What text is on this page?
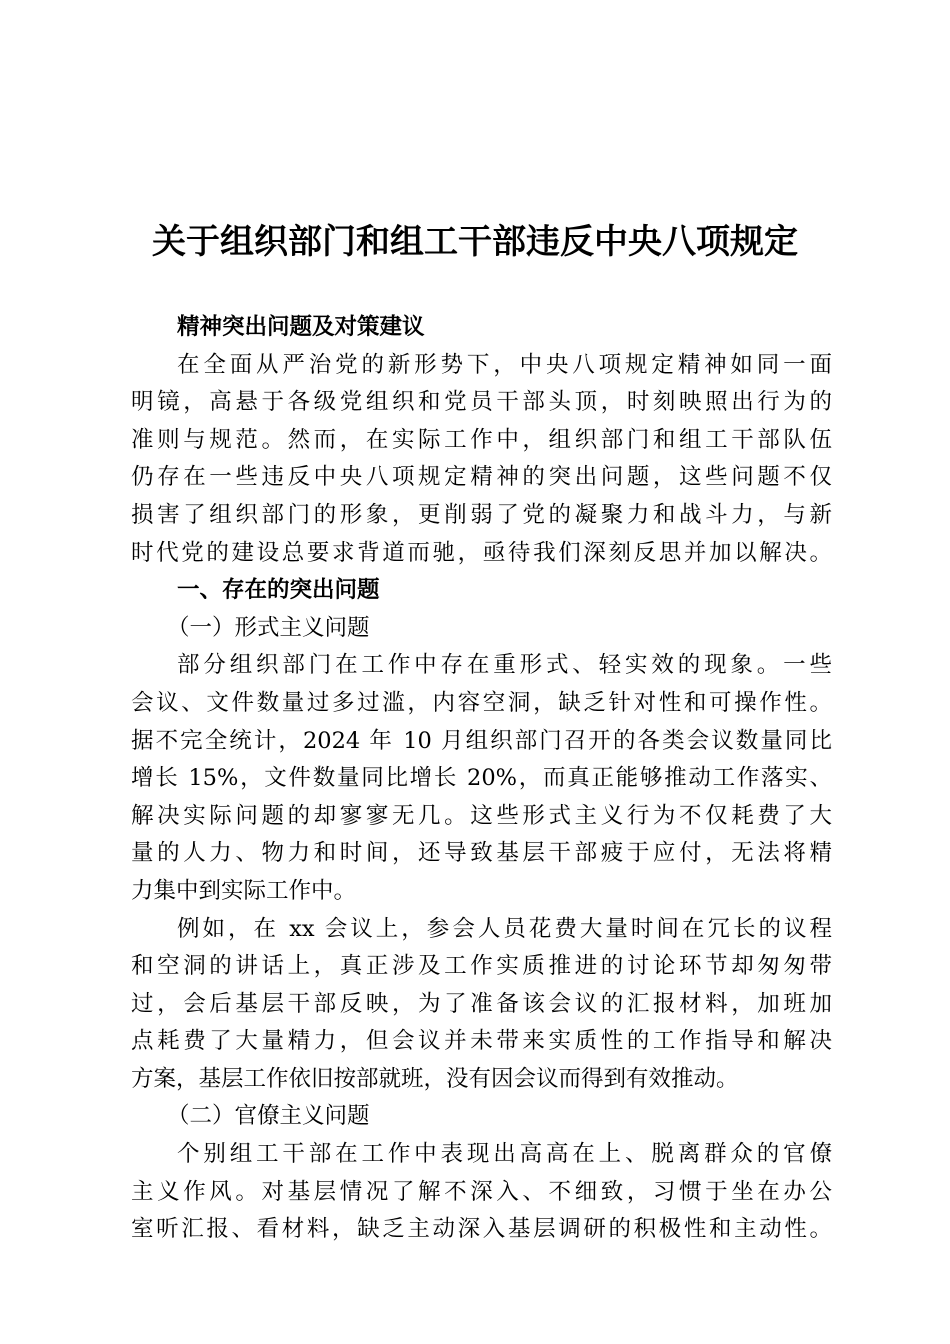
关于组织部门和组工干部违反中央八项规定
精神突出问题及对策建议
在全面从严治党的新形势下，中央八项规定精神如同一面
明镜，高悬于各级党组织和党员干部头顶，时刻映照出行为的
准则与规范。然而，在实际工作中，组织部门和组工干部队伍
仍存在一些违反中央八项规定精神的突出问题，这些问题不仅
损害了组织部门的形象，更削弱了党的凝聚力和战斗力，与新
时代党的建设总要求背道而驰，亟待我们深刻反思并加以解决。
一、存在的突出问题
（一）形式主义问题
部分组织部门在工作中存在重形式、轻实效的现象。一些
会议、文件数量过多过滥，内容空洞，缺乏针对性和可操作性。
据不完全统计，2024 年 10 月组织部门召开的各类会议数量同比
增长 15%，文件数量同比增长 20%，而真正能够推动工作落实、
解决实际问题的却寥寥无几。这些形式主义行为不仅耗费了大
量的人力、物力和时间，还导致基层干部疲于应付，无法将精
力集中到实际工作中。
例如，在 xx 会议上，参会人员花费大量时间在冗长的议程
和空洞的讲话上，真正涉及工作实质推进的讨论环节却匆匆带
过，会后基层干部反映，为了准备该会议的汇报材料，加班加
点耗费了大量精力，但会议并未带来实质性的工作指导和解决
方案，基层工作依旧按部就班，没有因会议而得到有效推动。
（二）官僚主义问题
个别组工干部在工作中表现出高高在上、脱离群众的官僚
主义作风。对基层情况了解不深入、不细致，习惯于坐在办公
室听汇报、看材料，缺乏主动深入基层调研的积极性和主动性。
